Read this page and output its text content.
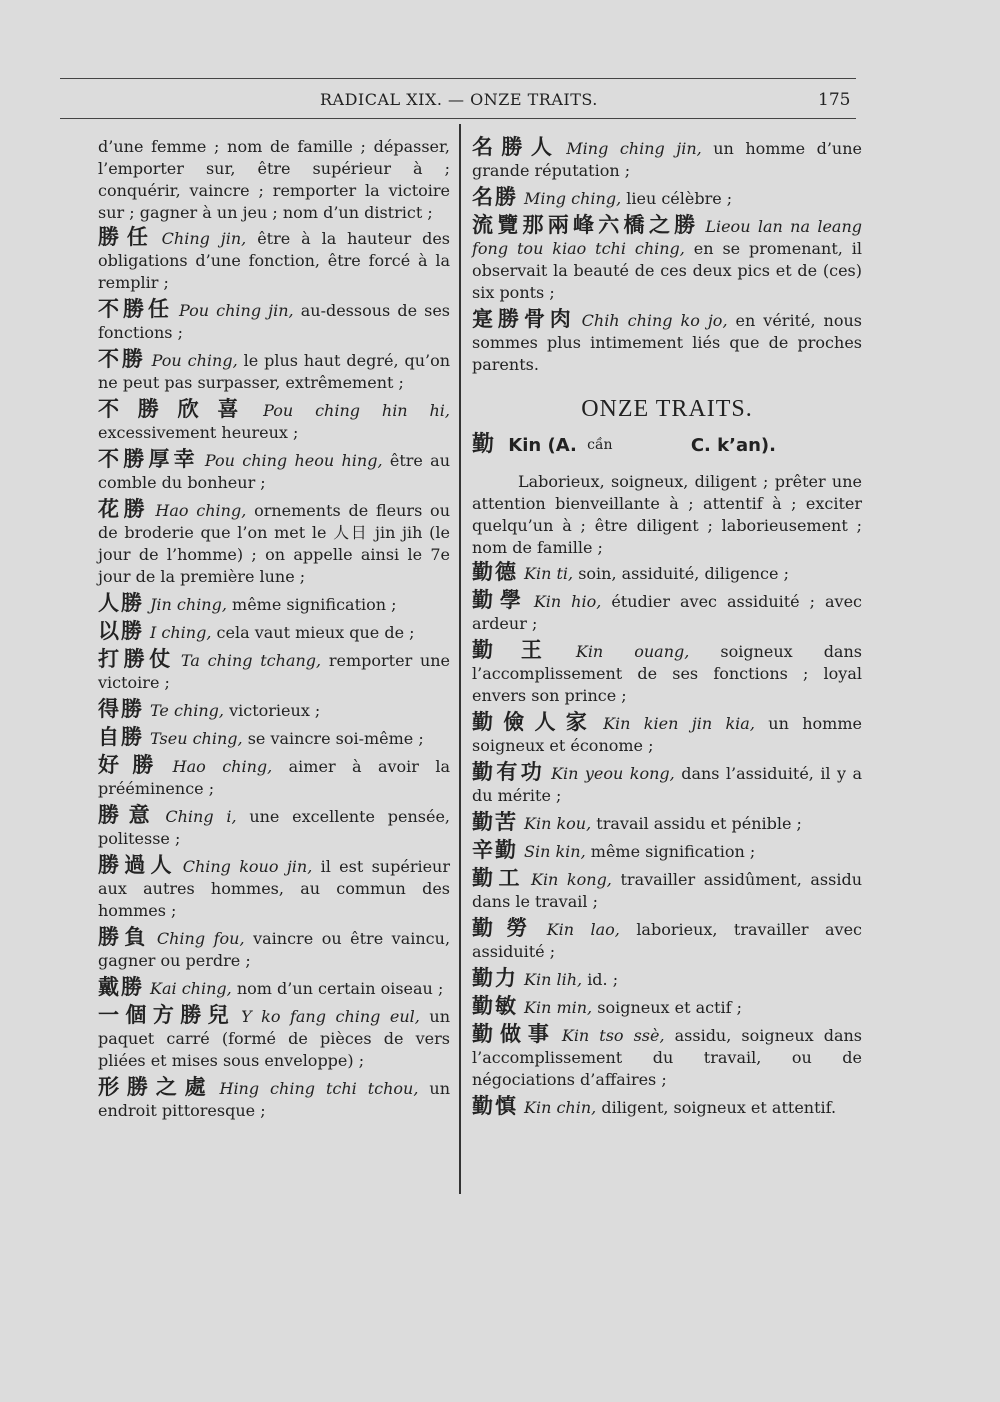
RADICAL XIX. — ONZE TRAITS.	175

d’une femme ; nom de famille ; dépasser, l’emporter sur, être supérieur à ; conquérir, vaincre ; remporter la victoire sur ; gagner à un jeu ; nom d’un district ;

勝任 Ching jin, être à la hauteur des obligations d’une fonction, être forcé à la remplir ;
不勝任 Pou ching jin, au-dessous de ses fonctions ;
不勝 Pou ching, le plus haut degré, qu’on ne peut pas surpasser, extrêmement ;
不勝欣喜 Pou ching hin hi, excessivement heureux ;
不勝厚幸 Pou ching heou hing, être au comble du bonheur ;
花勝 Hao ching, ornements de fleurs ou de broderie que l’on met le 人日 jin jih (le jour de l’homme) ; on appelle ainsi le 7e jour de la première lune ;
人勝 Jin ching, même signification ;
以勝 I ching, cela vaut mieux que de ;
打勝仗 Ta ching tchang, remporter une victoire ;
得勝 Te ching, victorieux ;
自勝 Tseu ching, se vaincre soi-même ;
好勝 Hao ching, aimer à avoir la prééminence ;
勝意 Ching i, une excellente pensée, politesse ;
勝過人 Ching kouo jin, il est supérieur aux autres hommes, au commun des hommes ;
勝負 Ching fou, vaincre ou être vaincu, gagner ou perdre ;
戴勝 Kai ching, nom d’un certain oiseau ;
一個方勝兒 Y ko fang ching eul, un paquet carré (formé de pièces de vers pliées et mises sous enveloppe) ;
形勝之處 Hing ching tchi tchou, un endroit pittoresque ;
名勝人 Ming ching jin, un homme d’une grande réputation ;
名勝 Ming ching, lieu célèbre ;
流覽那兩峰六橋之勝 Lieou lan na leang fong tou kiao tchi ching, en se promenant, il observait la beauté de ces deux pics et de (ces) six ponts ;
寔勝骨肉 Chih ching ko jo, en vérité, nous sommes plus intimement liés que de proches parents.
ONZE TRAITS.
勤 Kin (A. $^{cần}$	C. k’an).

Laborieux, soigneux, diligent ; prêter une attention bienveillante à ; attentif à ; exciter quelqu’un à ; être diligent ; laborieusement ; nom de famille ;

勤德 Kin ti, soin, assiduité, diligence ;
勤學 Kin hio, étudier avec assiduité ; avec ardeur ;
勤王 Kin ouang, soigneux dans l’accomplissement de ses fonctions ; loyal envers son prince ;
勤儉人家 Kin kien jin kia, un homme soigneux et économe ;
勤有功 Kin yeou kong, dans l’assiduité, il y a du mérite ;
勤苦 Kin kou, travail assidu et pénible ;
辛勤 Sin kin, même signification ;
勤工 Kin kong, travailler assidûment, assidu dans le travail ;
勤勞 Kin lao, laborieux, travailler avec assiduité ;
勤力 Kin lih, id. ;
勤敏 Kin min, soigneux et actif ;
勤做事 Kin tso ssè, assidu, soigneux dans l’accomplissement du travail, ou de négociations d’affaires ;
勤慎 Kin chin, diligent, soigneux et attentif.
